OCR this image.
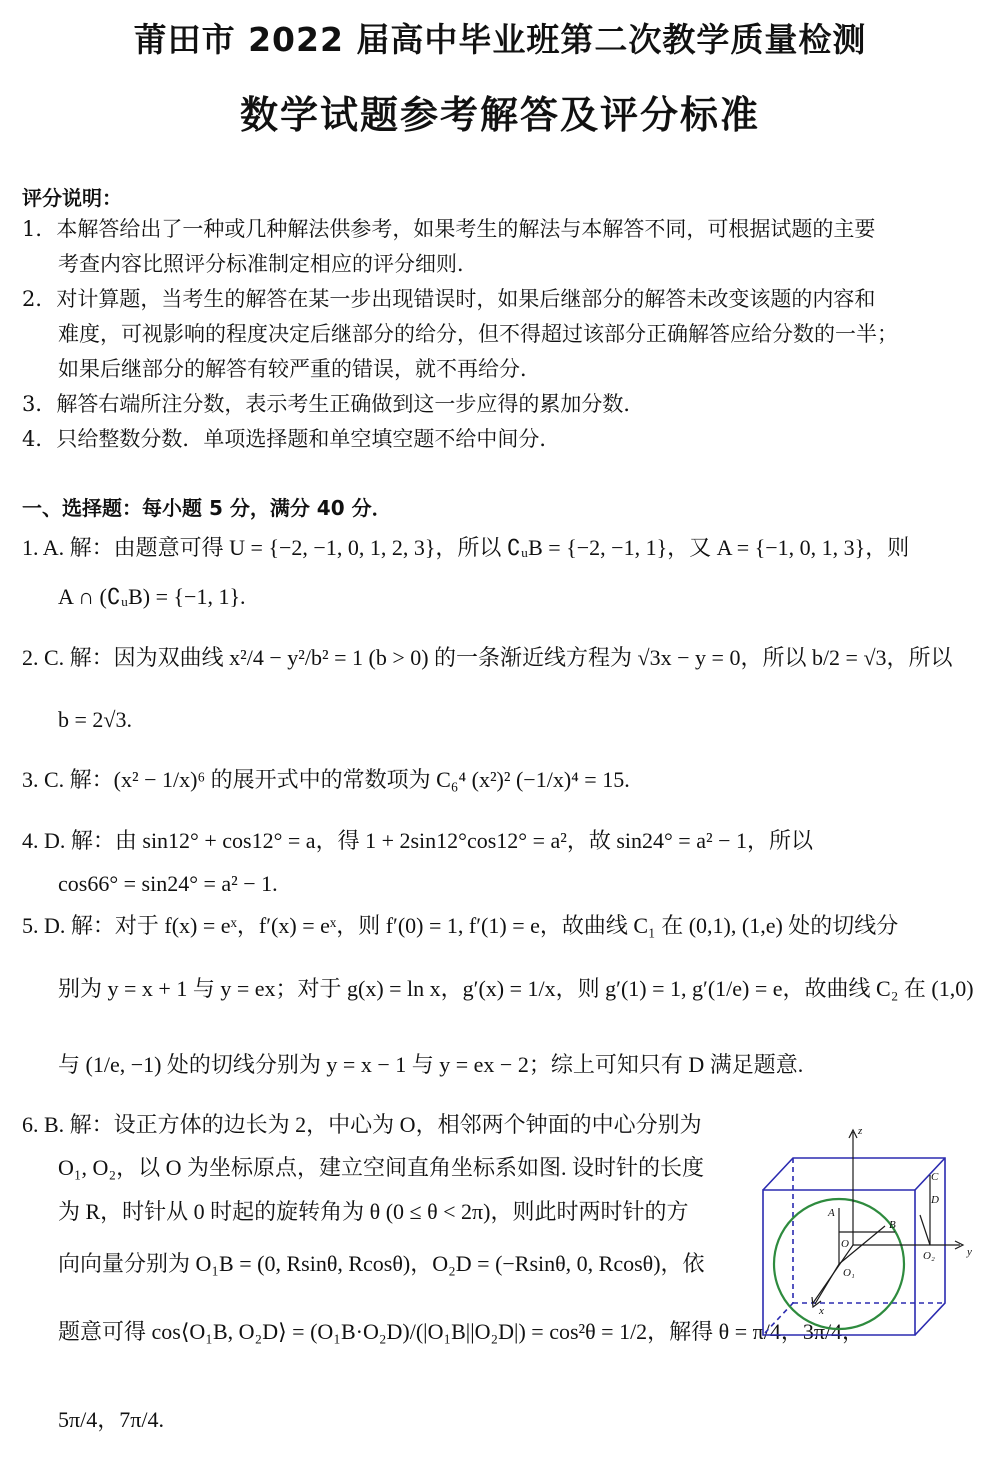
莆田市 2022 届高中毕业班第二次教学质量检测
数学试题参考解答及评分标准
评分说明：
1．本解答给出了一种或几种解法供参考，如果考生的解法与本解答不同，可根据试题的主要
考查内容比照评分标准制定相应的评分细则．
2．对计算题，当考生的解答在某一步出现错误时，如果后继部分的解答未改变该题的内容和
难度，可视影响的程度决定后继部分的给分，但不得超过该部分正确解答应给分数的一半；
如果后继部分的解答有较严重的错误，就不再给分．
3．解答右端所注分数，表示考生正确做到这一步应得的累加分数．
4．只给整数分数．单项选择题和单空填空题不给中间分．
一、选择题：每小题 5 分，满分 40 分．
1. A. 解：由题意可得 U = {−2, −1, 0, 1, 2, 3}，所以 ∁ᵤB = {−2, −1, 1}，又 A = {−1, 0, 1, 3}，则
A ∩ (∁ᵤB) = {−1, 1}.
2. C. 解：因为双曲线 x²/4 − y²/b² = 1 (b > 0) 的一条渐近线方程为 √3x − y = 0，所以 b/2 = √3，所以
b = 2√3.
3. C. 解：(x² − 1/x)⁶ 的展开式中的常数项为 C₆⁴ (x²)² (−1/x)⁴ = 15.
4. D. 解：由 sin12° + cos12° = a，得 1 + 2sin12°cos12° = a²，故 sin24° = a² − 1，所以
cos66° = sin24° = a² − 1.
5. D. 解：对于 f(x) = eˣ，f′(x) = eˣ，则 f′(0) = 1, f′(1) = e，故曲线 C₁ 在 (0,1), (1,e) 处的切线分
别为 y = x + 1 与 y = ex；对于 g(x) = ln x，g′(x) = 1/x，则 g′(1) = 1, g′(1/e) = e，故曲线 C₂ 在 (1,0)
与 (1/e, −1) 处的切线分别为 y = x − 1 与 y = ex − 2；综上可知只有 D 满足题意.
6. B. 解：设正方体的边长为 2，中心为 O，相邻两个钟面的中心分别为
O₁, O₂，以 O 为坐标原点，建立空间直角坐标系如图. 设时针的长度
为 R，时针从 0 时起的旋转角为 θ (0 ≤ θ < 2π)，则此时两时针的方
向向量分别为 O₁B = (0, Rsinθ, Rcosθ)，O₂D = (−Rsinθ, 0, Rcosθ)，依
题意可得 cos⟨O₁B, O₂D⟩ = (O₁B·O₂D)/(|O₁B||O₂D|) = cos²θ = 1/2，解得 θ = π/4，3π/4，
5π/4，7π/4.
z
y
x
A
B
C
D
O
O₁
O₂
